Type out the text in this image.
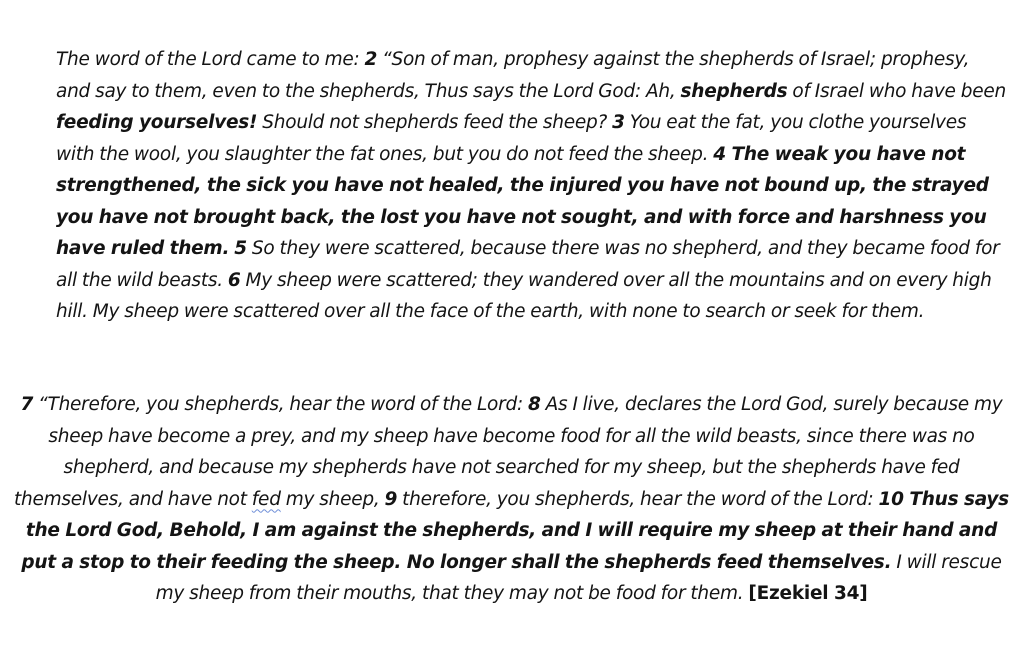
The word of the Lord came to me: 2 “Son of man, prophesy against the shepherds of Israel; prophesy, and say to them, even to the shepherds, Thus says the Lord God: Ah, shepherds of Israel who have been feeding yourselves! Should not shepherds feed the sheep? 3 You eat the fat, you clothe yourselves with the wool, you slaughter the fat ones, but you do not feed the sheep. 4 The weak you have not strengthened, the sick you have not healed, the injured you have not bound up, the strayed you have not brought back, the lost you have not sought, and with force and harshness you have ruled them. 5 So they were scattered, because there was no shepherd, and they became food for all the wild beasts. 6 My sheep were scattered; they wandered over all the mountains and on every high hill. My sheep were scattered over all the face of the earth, with none to search or seek for them.

7 “Therefore, you shepherds, hear the word of the Lord: 8 As I live, declares the Lord God, surely because my sheep have become a prey, and my sheep have become food for all the wild beasts, since there was no shepherd, and because my shepherds have not searched for my sheep, but the shepherds have fed themselves, and have not fed my sheep, 9 therefore, you shepherds, hear the word of the Lord: 10 Thus says the Lord God, Behold, I am against the shepherds, and I will require my sheep at their hand and put a stop to their feeding the sheep. No longer shall the shepherds feed themselves. I will rescue my sheep from their mouths, that they may not be food for them. [Ezekiel 34]
